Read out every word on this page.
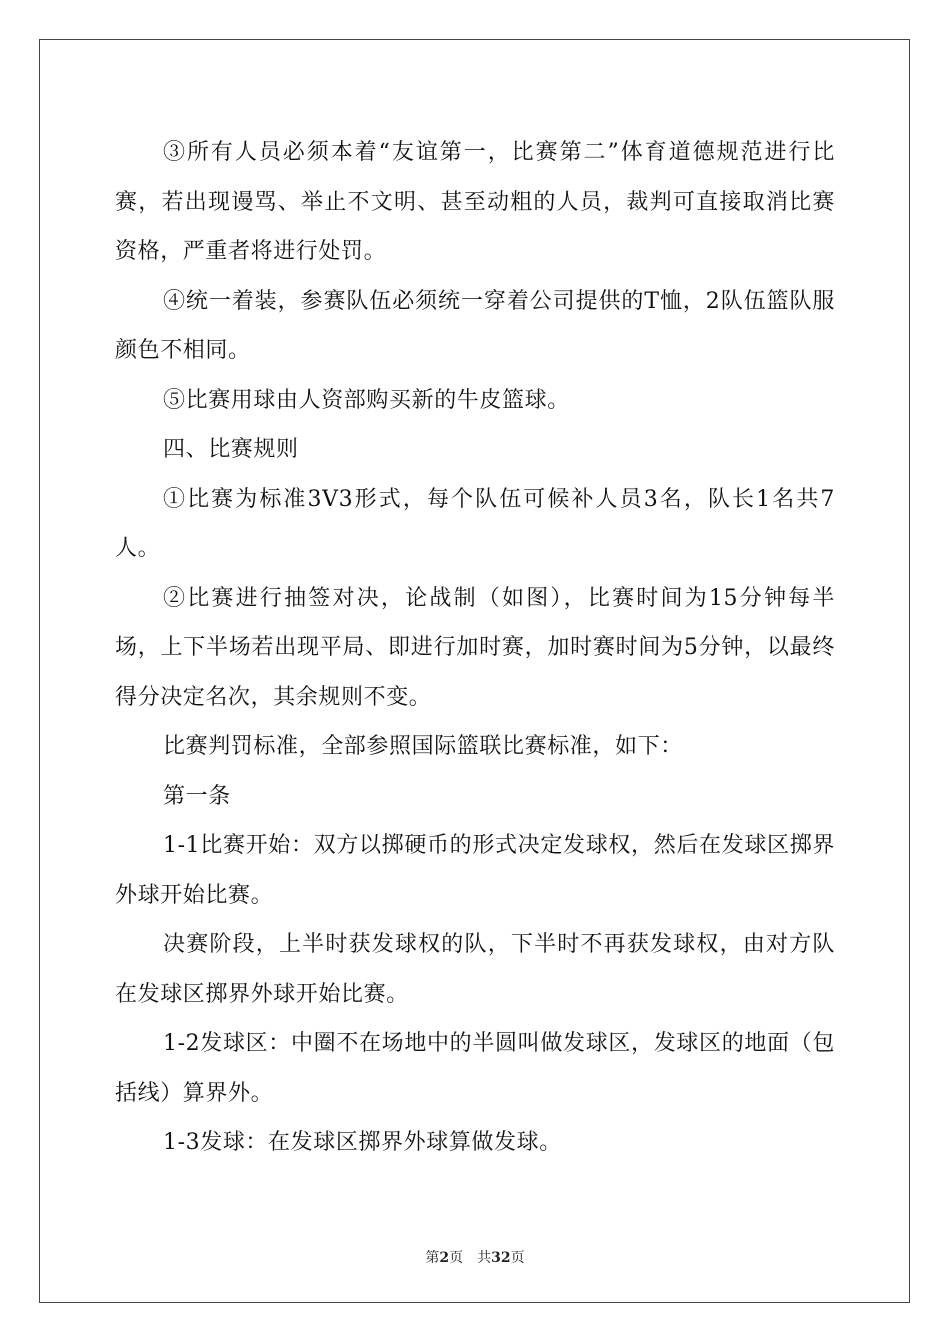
③所有人员必须本着“友谊第一，比赛第二”体育道德规范进行比赛，若出现谩骂、举止不文明、甚至动粗的人员，裁判可直接取消比赛资格，严重者将进行处罚。

④统一着装，参赛队伍必须统一穿着公司提供的T恤，2队伍篮队服颜色不相同。

⑤比赛用球由人资部购买新的牛皮篮球。

四、比赛规则

①比赛为标准3V3形式，每个队伍可候补人员3名，队长1名共7人。

②比赛进行抽签对决，论战制（如图），比赛时间为15分钟每半场，上下半场若出现平局、即进行加时赛，加时赛时间为5分钟，以最终得分决定名次，其余规则不变。

比赛判罚标准，全部参照国际篮联比赛标准，如下：

第一条

1-1比赛开始：双方以掷硬币的形式决定发球权，然后在发球区掷界外球开始比赛。

决赛阶段，上半时获发球权的队，下半时不再获发球权，由对方队在发球区掷界外球开始比赛。

1-2发球区：中圈不在场地中的半圆叫做发球区，发球区的地面（包括线）算界外。

1-3发球：在发球区掷界外球算做发球。

第2页 共32页
